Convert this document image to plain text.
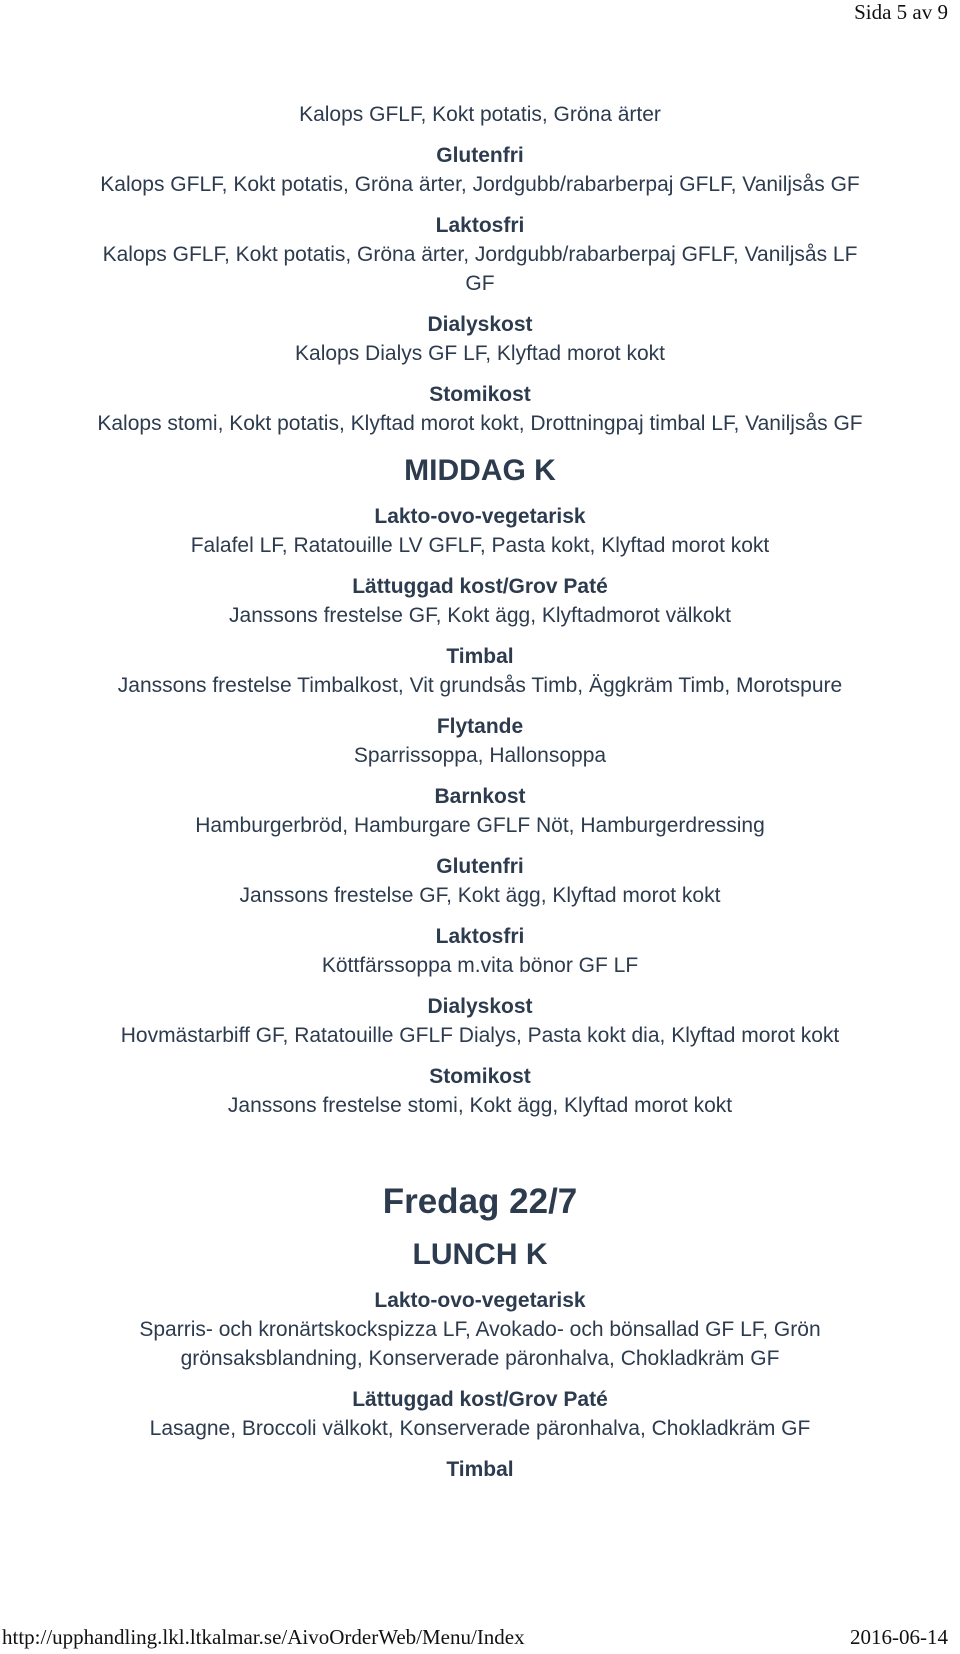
Sida 5 av 9
Kalops GFLF, Kokt potatis, Gröna ärter
Glutenfri
Kalops GFLF, Kokt potatis, Gröna ärter, Jordgubb/rabarberpaj GFLF, Vaniljsås GF
Laktosfri
Kalops GFLF, Kokt potatis, Gröna ärter, Jordgubb/rabarberpaj GFLF, Vaniljsås LF GF
Dialyskost
Kalops Dialys GF LF, Klyftad morot kokt
Stomikost
Kalops stomi, Kokt potatis, Klyftad morot kokt, Drottningpaj timbal LF, Vaniljsås GF
MIDDAG K
Lakto-ovo-vegetarisk
Falafel LF, Ratatouille LV GFLF, Pasta kokt, Klyftad morot kokt
Lättuggad kost/Grov Paté
Janssons frestelse GF, Kokt ägg, Klyftadmorot välkokt
Timbal
Janssons frestelse Timbalkost, Vit grundsås Timb, Äggkräm Timb, Morotspure
Flytande
Sparrissoppa, Hallonsoppa
Barnkost
Hamburgerbröd, Hamburgare GFLF Nöt, Hamburgerdressing
Glutenfri
Janssons frestelse GF, Kokt ägg, Klyftad morot kokt
Laktosfri
Köttfärssoppa m.vita bönor GF LF
Dialyskost
Hovmästarbiff GF, Ratatouille GFLF Dialys, Pasta kokt dia, Klyftad morot kokt
Stomikost
Janssons frestelse stomi, Kokt ägg, Klyftad morot kokt
Fredag 22/7
LUNCH K
Lakto-ovo-vegetarisk
Sparris- och kronärtskockspizza LF, Avokado- och bönsallad GF LF, Grön grönsaksblandning, Konserverade päronhalva, Chokladkräm GF
Lättuggad kost/Grov Paté
Lasagne, Broccoli välkokt, Konserverade päronhalva, Chokladkräm GF
Timbal
http://upphandling.lkl.ltkalmar.se/AivoOrderWeb/Menu/Index	2016-06-14
